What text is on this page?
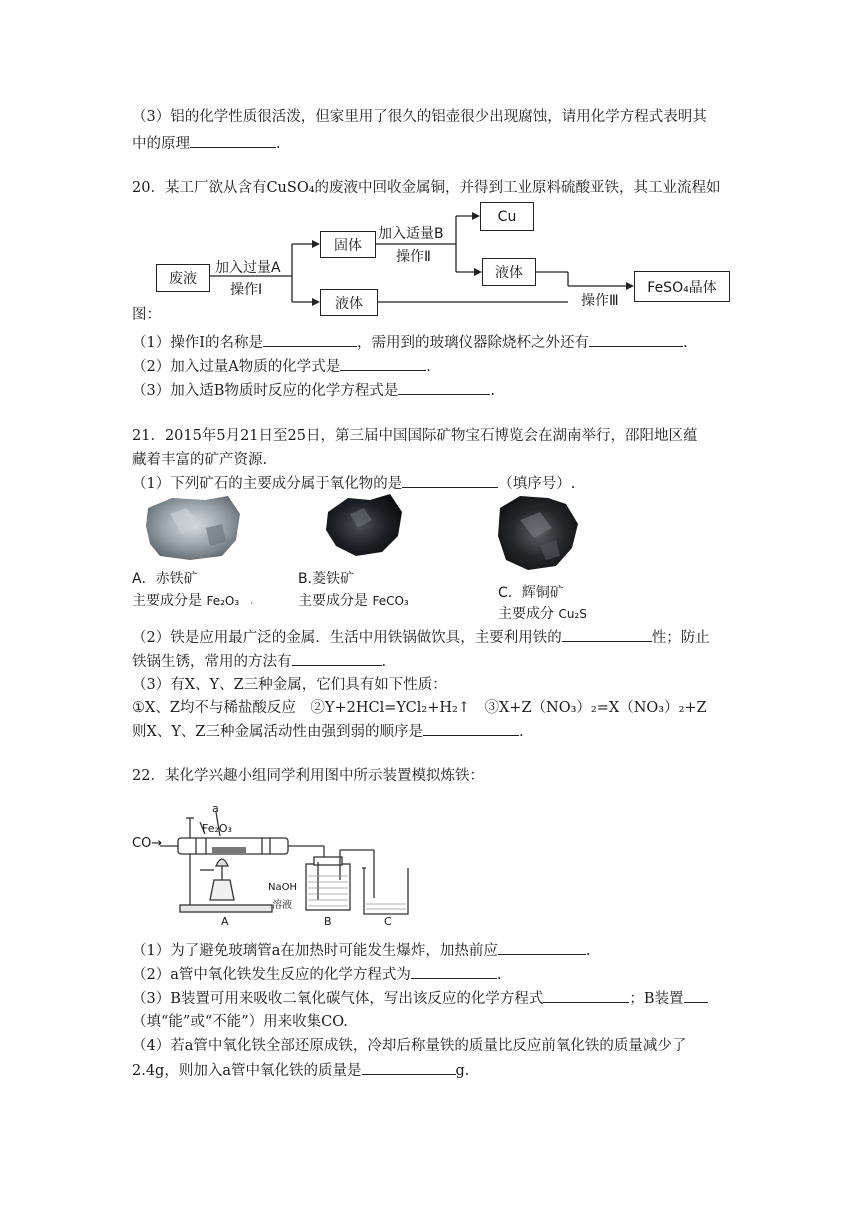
（3）铝的化学性质很活泼，但家里用了很久的铝壶很少出现腐蚀，请用化学方程式表明其
中的原理	.
20．某工厂欲从含有CuSO₄的废液中回收金属铜，并得到工业原料硫酸亚铁，其工业流程如
废液
加入过量A
操作Ⅰ
固体
液体
加入适量B
操作Ⅱ
Cu
液体
操作Ⅲ
FeSO₄晶体
图：
（1）操作Ⅰ的名称是	，需用到的玻璃仪器除烧杯之外还有	.
（2）加入过量A物质的化学式是	.
（3）加入适B物质时反应的化学方程式是	.
21．2015年5月21日至25日，第三届中国国际矿物宝石博览会在湖南举行，邵阳地区蕴
藏着丰富的矿产资源.
（1）下列矿石的主要成分属于氧化物的是	（填序号）.
،
A．赤铁矿
主要成分是 Fe₂O₃
B.菱铁矿
主要成分是 FeCO₃	C．辉铜矿
主要成分 Cu₂S
（2）铁是应用最广泛的金属．生活中用铁锅做饮具，主要利用铁的	性；防止
铁锅生锈，常用的方法有	.
（3）有X、Y、Z三种金属，它们具有如下性质：
①X、Z均不与稀盐酸反应　②Y+2HCl=YCl₂+H₂↑　③X+Z（NO₃）₂=X（NO₃）₂+Z
则X、Y、Z三种金属活动性由强到弱的顺序是	.
22．某化学兴趣小组同学利用图中所示装置模拟炼铁：
CO→
Fe₂O₃
a
NaOH
溶液
A	B	C
（1）为了避免玻璃管a在加热时可能发生爆炸，加热前应	.
（2）a管中氧化铁发生反应的化学方程式为	.
（3）B装置可用来吸收二氧化碳气体，写出该反应的化学方程式	；B装置
（填“能”或“不能”）用来收集CO.
（4）若a管中氧化铁全部还原成铁，冷却后称量铁的质量比反应前氧化铁的质量减少了
2.4g，则加入a管中氧化铁的质量是	g.
